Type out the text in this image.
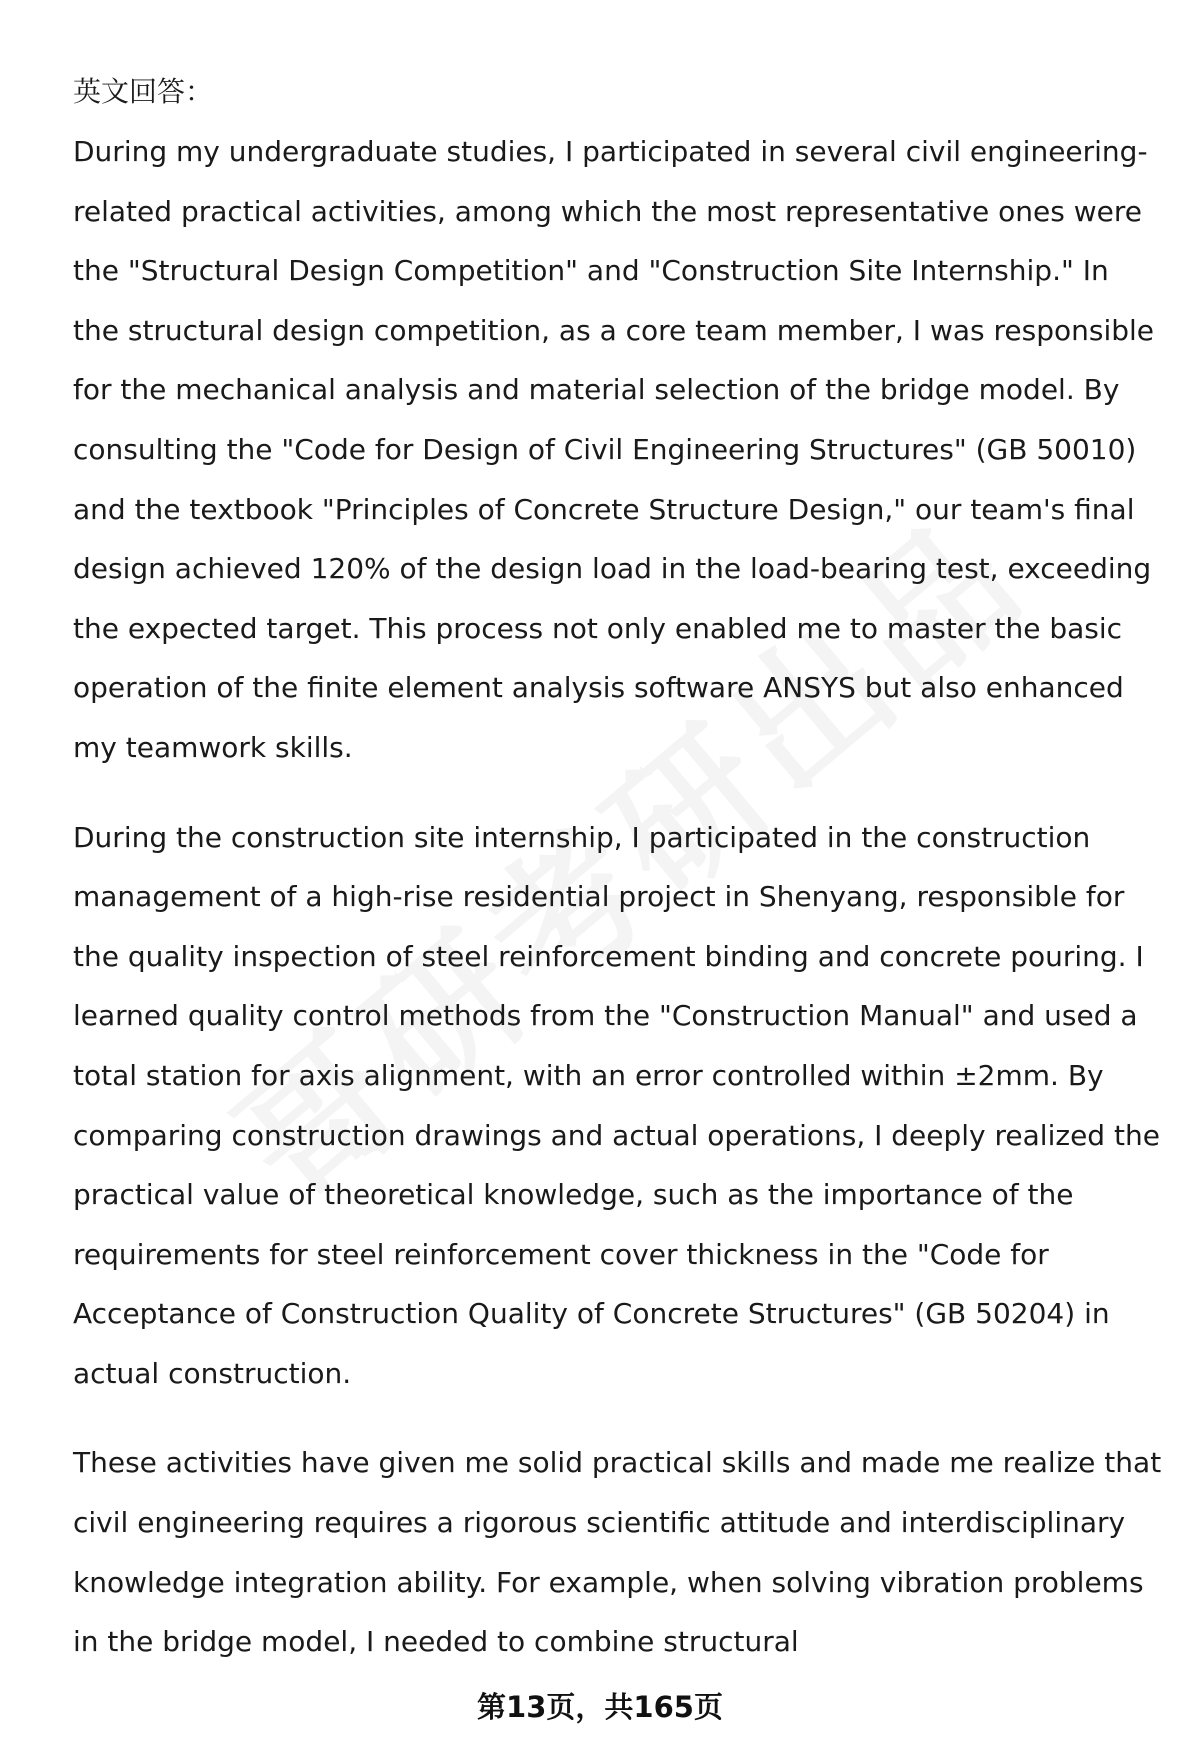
英文回答：

During my undergraduate studies, I participated in several civil engineering-related practical activities, among which the most representative ones were the "Structural Design Competition" and "Construction Site Internship." In the structural design competition, as a core team member, I was responsible for the mechanical analysis and material selection of the bridge model. By consulting the "Code for Design of Civil Engineering Structures" (GB 50010) and the textbook "Principles of Concrete Structure Design," our team's final design achieved 120% of the design load in the load-bearing test, exceeding the expected target. This process not only enabled me to master the basic operation of the finite element analysis software ANSYS but also enhanced my teamwork skills.

During the construction site internship, I participated in the construction management of a high-rise residential project in Shenyang, responsible for the quality inspection of steel reinforcement binding and concrete pouring. I learned quality control methods from the "Construction Manual" and used a total station for axis alignment, with an error controlled within ±2mm. By comparing construction drawings and actual operations, I deeply realized the practical value of theoretical knowledge, such as the importance of the requirements for steel reinforcement cover thickness in the "Code for Acceptance of Construction Quality of Concrete Structures" (GB 50204) in actual construction.

These activities have given me solid practical skills and made me realize that civil engineering requires a rigorous scientific attitude and interdisciplinary knowledge integration ability. For example, when solving vibration problems in the bridge model, I needed to combine structural

第13页，共165页
